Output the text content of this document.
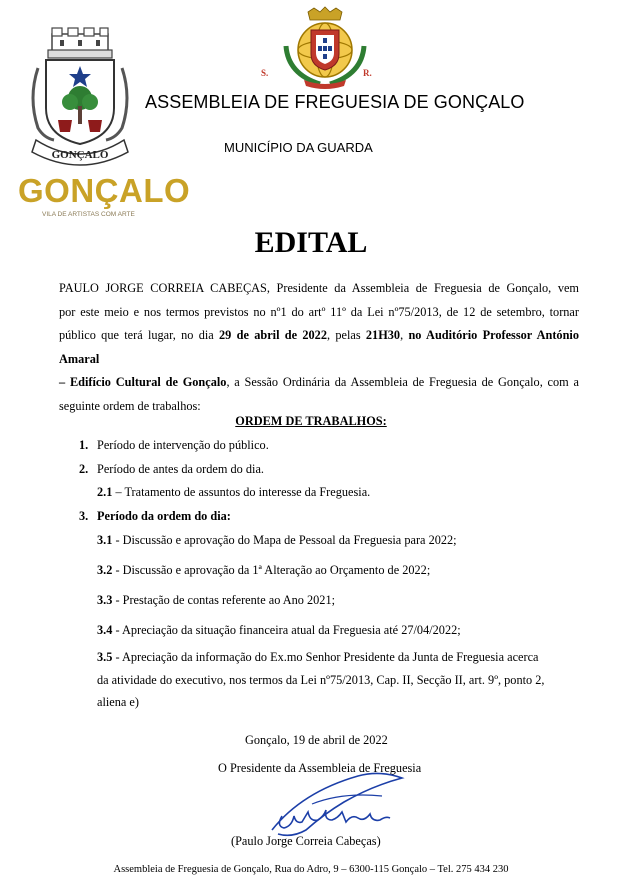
GONÇALO
GONÇALO
VILA DE ARTISTAS COM ARTE
S.	R.
ASSEMBLEIA DE FREGUESIA DE GONÇALO
MUNICÍPIO DA GUARDA
EDITAL
PAULO JORGE CORREIA CABEÇAS, Presidente da Assembleia de Freguesia de Gonçalo, vem
por este meio e nos termos previstos no nº1 do artº 11º da Lei nº75/2013, de 12 de setembro, tornar
público que terá lugar, no dia 29 de abril de 2022, pelas 21H30, no Auditório Professor António Amaral
– Edifício Cultural de Gonçalo, a Sessão Ordinária da Assembleia de Freguesia de Gonçalo, com a
seguinte ordem de trabalhos:
ORDEM DE TRABALHOS:
1. Período de intervenção do público.
2. Período de antes da ordem do dia.
2.1 – Tratamento de assuntos do interesse da Freguesia.
3. Período da ordem do dia:
3.1 - Discussão e aprovação do Mapa de Pessoal da Freguesia para 2022;
3.2 - Discussão e aprovação da 1ª Alteração ao Orçamento de 2022;
3.3 - Prestação de contas referente ao Ano 2021;
3.4 - Apreciação da situação financeira atual da Freguesia até 27/04/2022;
3.5 - Apreciação da informação do Ex.mo Senhor Presidente da Junta de Freguesia acerca
da atividade do executivo, nos termos da Lei nº75/2013, Cap. II, Secção II, art. 9º, ponto 2,
aliena e)
Gonçalo, 19 de abril de 2022
O Presidente da Assembleia de Freguesia
(Paulo Jorge Correia Cabeças)
Assembleia de Freguesia de Gonçalo, Rua do Adro, 9 – 6300-115 Gonçalo – Tel. 275 434 230
